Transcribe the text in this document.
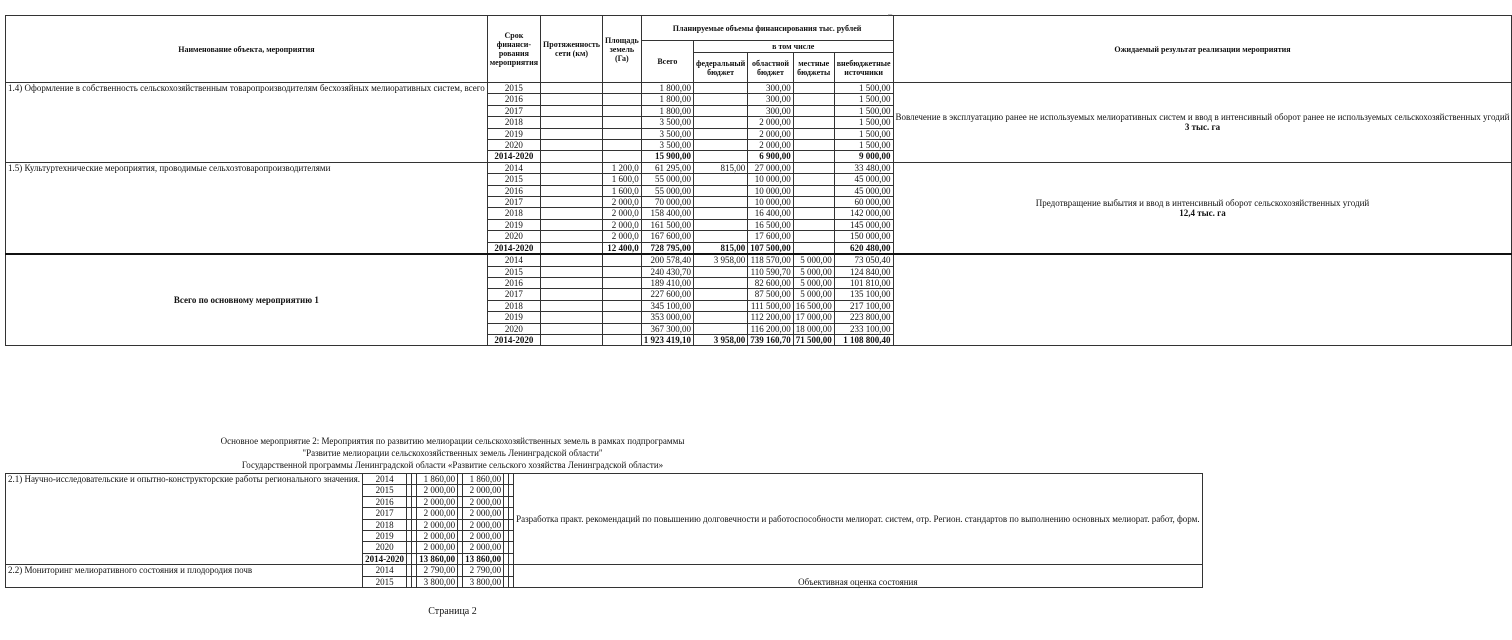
Наименование объекта, мероприятия	Срок финанси-рования мероприятия	Протяженность сети (км)	Площадь земель (Га)	Планируемые объемы финансирования тыс. рублей					Ожидаемый результат реализации мероприятия
				Всего	в том числе				
					федеральный бюджет	областной бюджет	местные бюджеты	внебюджетные источники	
1.4) Оформление в собственность сельскохозяйственным товаропроизводителям бесхозяйных мелиоративных систем, всего	2015			1 800,00		300,00		1 500,00	Вовлечение в эксплуатацию ранее не используемых мелиоративных систем и ввод в интенсивный оборот ранее не используемых сельскохозяйственных угодий
3 тыс. га

	2016			1 800,00		300,00		1 500,00	
	2017			1 800,00		300,00		1 500,00	
	2018			3 500,00		2 000,00		1 500,00	
	2019			3 500,00		2 000,00		1 500,00	
	2020			3 500,00		2 000,00		1 500,00	
	2014-2020			15 900,00		6 900,00		9 000,00	
1.5) Культуртехнические мероприятия, проводимые сельхозтоваропроизводителями	2014		1 200,0	61 295,00	815,00	27 000,00		33 480,00	Предотвращение выбытия и ввод в интенсивный оборот сельскохозяйственных угодий
12,4 тыс. га

	2015		1 600,0	55 000,00		10 000,00		45 000,00	
	2016		1 600,0	55 000,00		10 000,00		45 000,00	
	2017		2 000,0	70 000,00		10 000,00		60 000,00	
	2018		2 000,0	158 400,00		16 400,00		142 000,00	
	2019		2 000,0	161 500,00		16 500,00		145 000,00	
	2020		2 000,0	167 600,00		17 600,00		150 000,00	
	2014-2020		12 400,0	728 795,00	815,00	107 500,00		620 480,00	
Всего по основному мероприятию 1	2014			200 578,40	3 958,00	118 570,00	5 000,00	73 050,40	
	2015			240 430,70		110 590,70	5 000,00	124 840,00	
	2016			189 410,00		82 600,00	5 000,00	101 810,00	
	2017			227 600,00		87 500,00	5 000,00	135 100,00	
	2018			345 100,00		111 500,00	16 500,00	217 100,00	
	2019			353 000,00		112 200,00	17 000,00	223 800,00	
	2020			367 300,00		116 200,00	18 000,00	233 100,00	
	2014-2020			1 923 419,10	3 958,00	739 160,70	71 500,00	1 108 800,40	
Основное мероприятие 2: Мероприятия по развитию мелиорации сельскохозяйственных земель в рамках подпрограммы
"Развитие мелиорации сельскохозяйственных земель Ленинградской области"
Государственной программы Ленинградской области «Развитие сельского хозяйства Ленинградской области»
2.1) Научно-исследовательские и опытно-конструкторские работы регионального значения.	2014			1 860,00		1 860,00			Разработка практ. рекомендаций по повышению долговечности и работоспособности мелиорат. систем, отр. Регион. стандартов по выполнению основных мелиорат. работ, форм.

	2015			2 000,00		2 000,00			
	2016			2 000,00		2 000,00			
	2017			2 000,00		2 000,00			
	2018			2 000,00		2 000,00			
	2019			2 000,00		2 000,00			
	2020			2 000,00		2 000,00			
	2014-2020			13 860,00		13 860,00			
2.2) Мониторинг мелиоративного состояния и плодородия почв	2014			2 790,00		2 790,00			Объективная оценка состояния

	2015			3 800,00		3 800,00			
Страница 2
⌐
